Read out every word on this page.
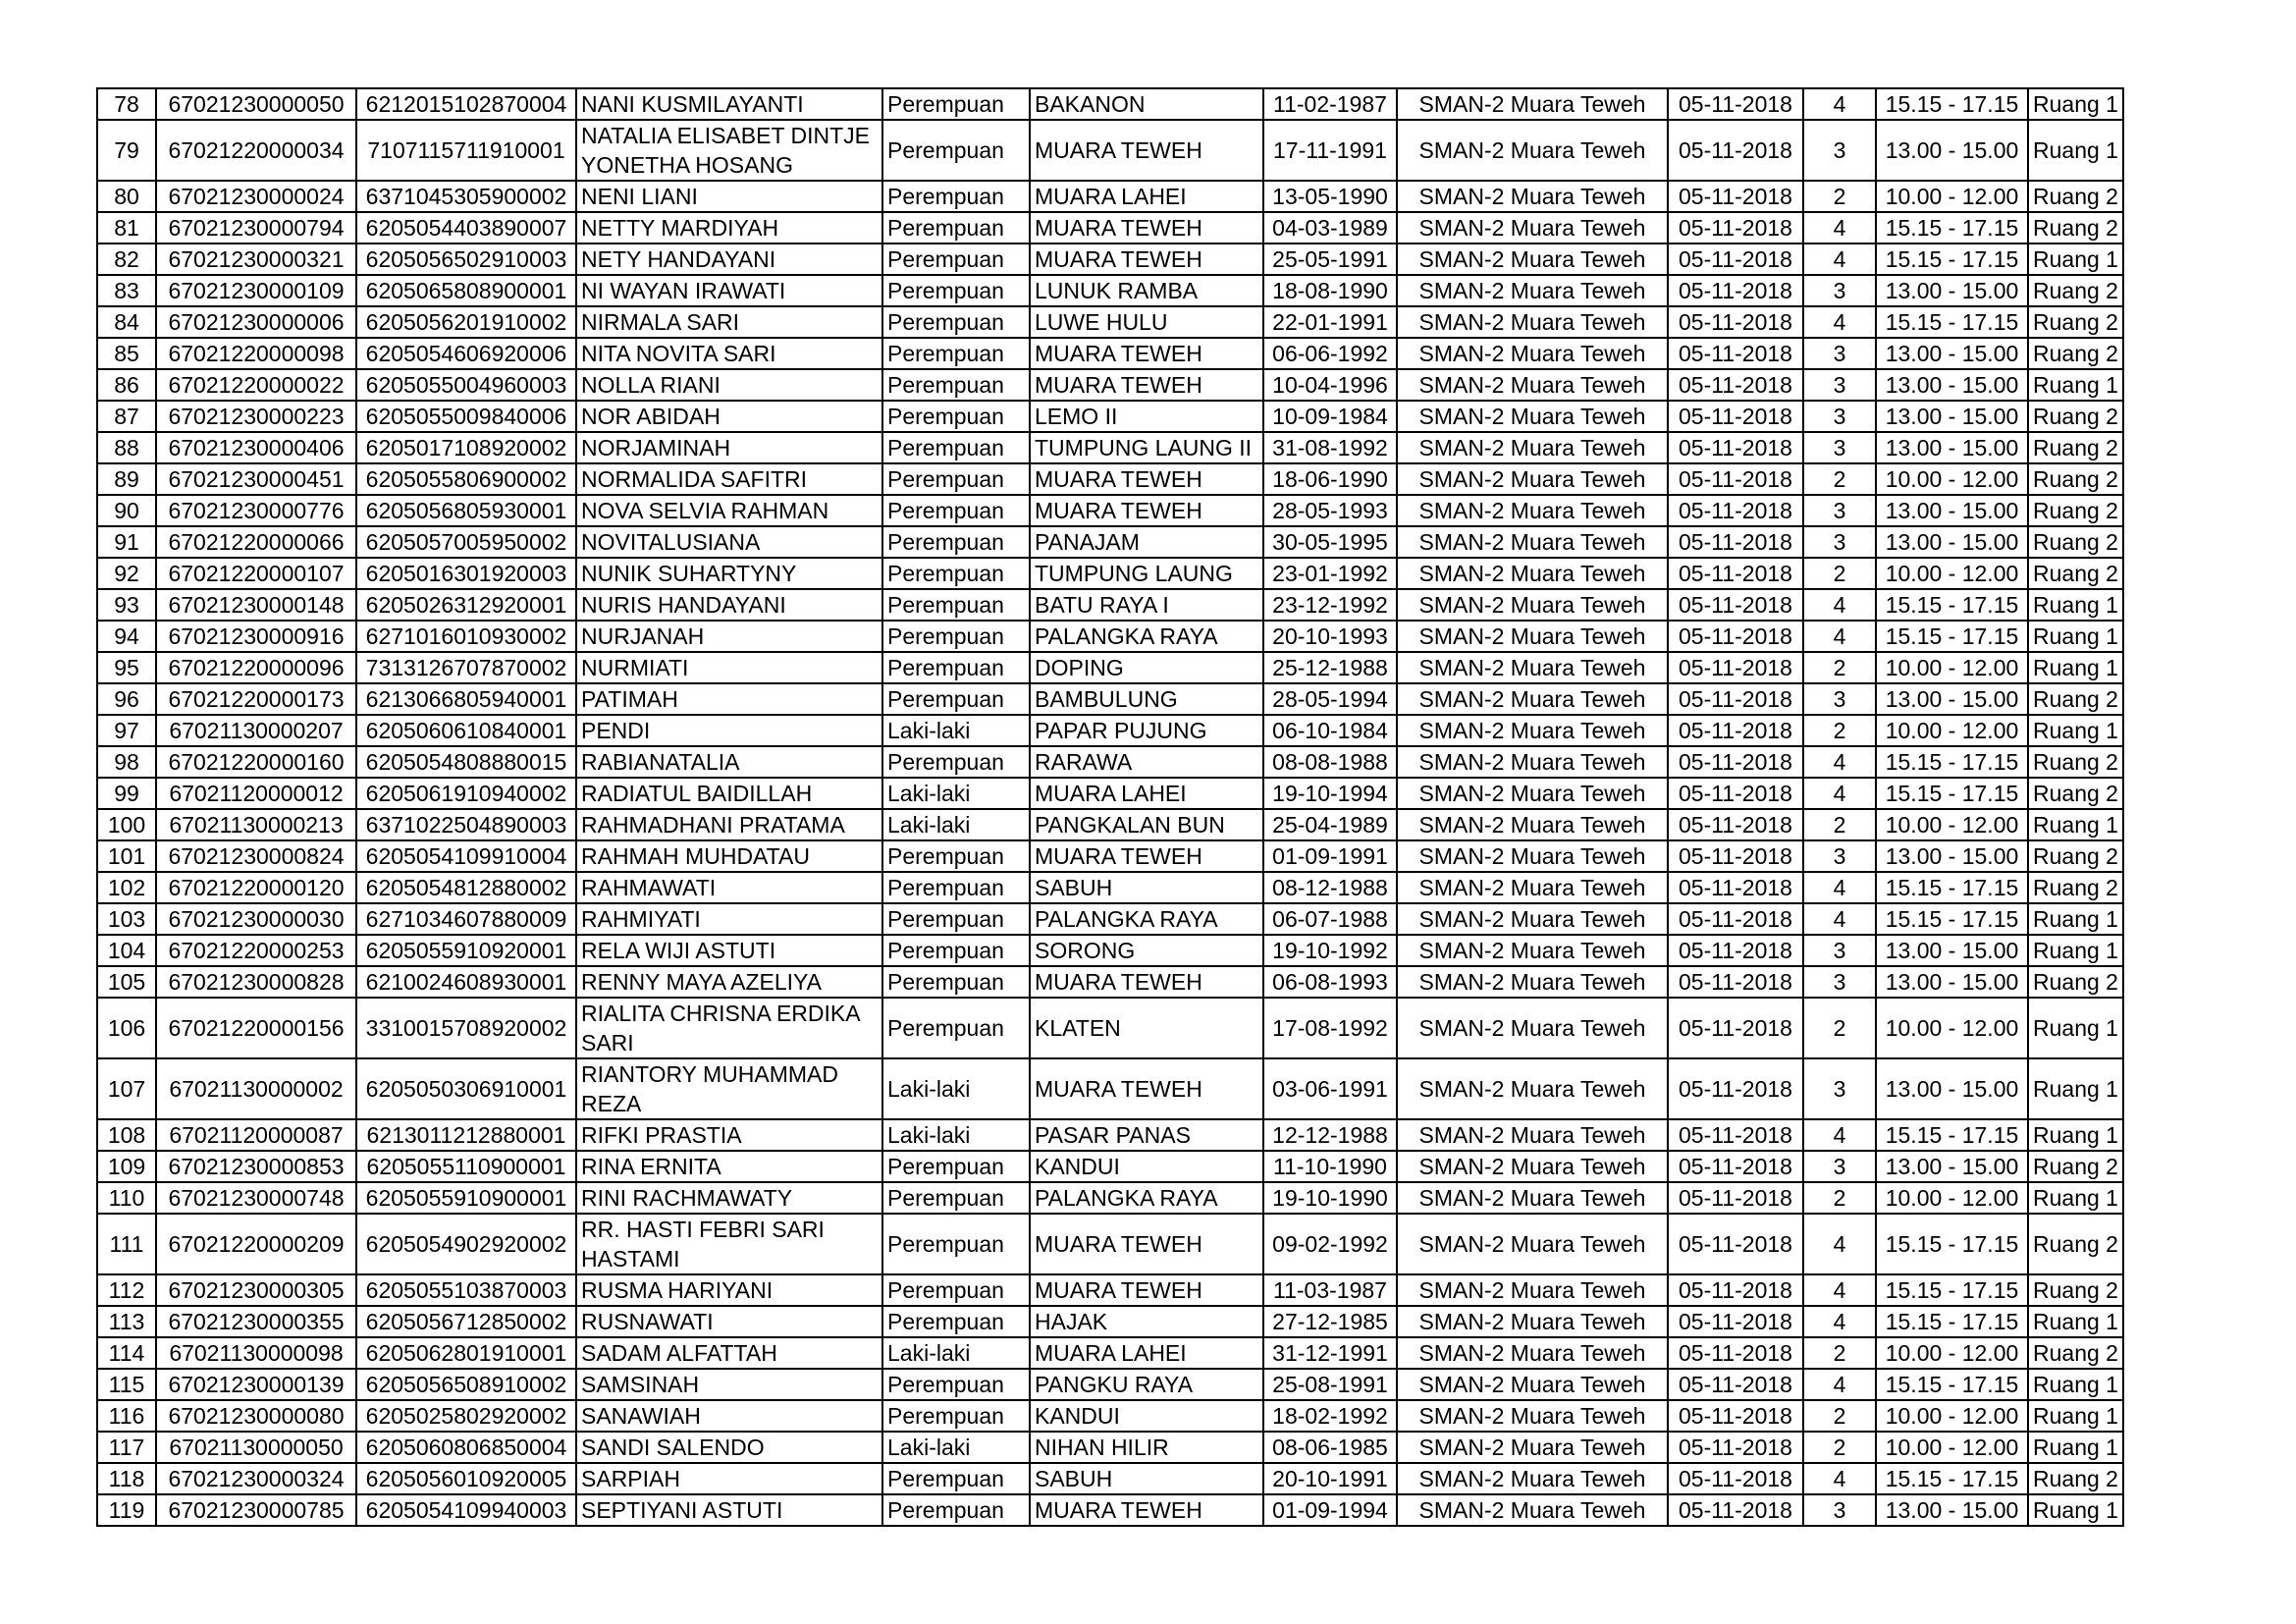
78	67021230000050	6212015102870004	NANI KUSMILAYANTI	Perempuan	BAKANON	11-02-1987	SMAN-2 Muara Teweh	05-11-2018	4	15.15 - 17.15	Ruang 1
79	67021220000034	7107115711910001	NATALIA ELISABET DINTJE YONETHA HOSANG	Perempuan	MUARA TEWEH	17-11-1991	SMAN-2 Muara Teweh	05-11-2018	3	13.00 - 15.00	Ruang 1
80	67021230000024	6371045305900002	NENI LIANI	Perempuan	MUARA LAHEI	13-05-1990	SMAN-2 Muara Teweh	05-11-2018	2	10.00 - 12.00	Ruang 2
81	67021230000794	6205054403890007	NETTY MARDIYAH	Perempuan	MUARA TEWEH	04-03-1989	SMAN-2 Muara Teweh	05-11-2018	4	15.15 - 17.15	Ruang 2
82	67021230000321	6205056502910003	NETY HANDAYANI	Perempuan	MUARA TEWEH	25-05-1991	SMAN-2 Muara Teweh	05-11-2018	4	15.15 - 17.15	Ruang 1
83	67021230000109	6205065808900001	NI WAYAN IRAWATI	Perempuan	LUNUK RAMBA	18-08-1990	SMAN-2 Muara Teweh	05-11-2018	3	13.00 - 15.00	Ruang 2
84	67021230000006	6205056201910002	NIRMALA SARI	Perempuan	LUWE HULU	22-01-1991	SMAN-2 Muara Teweh	05-11-2018	4	15.15 - 17.15	Ruang 2
85	67021220000098	6205054606920006	NITA NOVITA SARI	Perempuan	MUARA TEWEH	06-06-1992	SMAN-2 Muara Teweh	05-11-2018	3	13.00 - 15.00	Ruang 2
86	67021220000022	6205055004960003	NOLLA RIANI	Perempuan	MUARA TEWEH	10-04-1996	SMAN-2 Muara Teweh	05-11-2018	3	13.00 - 15.00	Ruang 1
87	67021230000223	6205055009840006	NOR ABIDAH	Perempuan	LEMO II	10-09-1984	SMAN-2 Muara Teweh	05-11-2018	3	13.00 - 15.00	Ruang 2
88	67021230000406	6205017108920002	NORJAMINAH	Perempuan	TUMPUNG LAUNG II	31-08-1992	SMAN-2 Muara Teweh	05-11-2018	3	13.00 - 15.00	Ruang 2
89	67021230000451	6205055806900002	NORMALIDA SAFITRI	Perempuan	MUARA TEWEH	18-06-1990	SMAN-2 Muara Teweh	05-11-2018	2	10.00 - 12.00	Ruang 2
90	67021230000776	6205056805930001	NOVA SELVIA RAHMAN	Perempuan	MUARA TEWEH	28-05-1993	SMAN-2 Muara Teweh	05-11-2018	3	13.00 - 15.00	Ruang 2
91	67021220000066	6205057005950002	NOVITALUSIANA	Perempuan	PANAJAM	30-05-1995	SMAN-2 Muara Teweh	05-11-2018	3	13.00 - 15.00	Ruang 2
92	67021220000107	6205016301920003	NUNIK SUHARTYNY	Perempuan	TUMPUNG LAUNG	23-01-1992	SMAN-2 Muara Teweh	05-11-2018	2	10.00 - 12.00	Ruang 2
93	67021230000148	6205026312920001	NURIS HANDAYANI	Perempuan	BATU RAYA I	23-12-1992	SMAN-2 Muara Teweh	05-11-2018	4	15.15 - 17.15	Ruang 1
94	67021230000916	6271016010930002	NURJANAH	Perempuan	PALANGKA RAYA	20-10-1993	SMAN-2 Muara Teweh	05-11-2018	4	15.15 - 17.15	Ruang 1
95	67021220000096	7313126707870002	NURMIATI	Perempuan	DOPING	25-12-1988	SMAN-2 Muara Teweh	05-11-2018	2	10.00 - 12.00	Ruang 1
96	67021220000173	6213066805940001	PATIMAH	Perempuan	BAMBULUNG	28-05-1994	SMAN-2 Muara Teweh	05-11-2018	3	13.00 - 15.00	Ruang 2
97	67021130000207	6205060610840001	PENDI	Laki-laki	PAPAR PUJUNG	06-10-1984	SMAN-2 Muara Teweh	05-11-2018	2	10.00 - 12.00	Ruang 1
98	67021220000160	6205054808880015	RABIANATALIA	Perempuan	RARAWA	08-08-1988	SMAN-2 Muara Teweh	05-11-2018	4	15.15 - 17.15	Ruang 2
99	67021120000012	6205061910940002	RADIATUL BAIDILLAH	Laki-laki	MUARA LAHEI	19-10-1994	SMAN-2 Muara Teweh	05-11-2018	4	15.15 - 17.15	Ruang 2
100	67021130000213	6371022504890003	RAHMADHANI PRATAMA	Laki-laki	PANGKALAN BUN	25-04-1989	SMAN-2 Muara Teweh	05-11-2018	2	10.00 - 12.00	Ruang 1
101	67021230000824	6205054109910004	RAHMAH MUHDATAU	Perempuan	MUARA TEWEH	01-09-1991	SMAN-2 Muara Teweh	05-11-2018	3	13.00 - 15.00	Ruang 2
102	67021220000120	6205054812880002	RAHMAWATI	Perempuan	SABUH	08-12-1988	SMAN-2 Muara Teweh	05-11-2018	4	15.15 - 17.15	Ruang 2
103	67021230000030	6271034607880009	RAHMIYATI	Perempuan	PALANGKA RAYA	06-07-1988	SMAN-2 Muara Teweh	05-11-2018	4	15.15 - 17.15	Ruang 1
104	67021220000253	6205055910920001	RELA WIJI ASTUTI	Perempuan	SORONG	19-10-1992	SMAN-2 Muara Teweh	05-11-2018	3	13.00 - 15.00	Ruang 1
105	67021230000828	6210024608930001	RENNY MAYA AZELIYA	Perempuan	MUARA TEWEH	06-08-1993	SMAN-2 Muara Teweh	05-11-2018	3	13.00 - 15.00	Ruang 2
106	67021220000156	3310015708920002	RIALITA CHRISNA ERDIKA SARI	Perempuan	KLATEN	17-08-1992	SMAN-2 Muara Teweh	05-11-2018	2	10.00 - 12.00	Ruang 1
107	67021130000002	6205050306910001	RIANTORY MUHAMMAD REZA	Laki-laki	MUARA TEWEH	03-06-1991	SMAN-2 Muara Teweh	05-11-2018	3	13.00 - 15.00	Ruang 1
108	67021120000087	6213011212880001	RIFKI PRASTIA	Laki-laki	PASAR PANAS	12-12-1988	SMAN-2 Muara Teweh	05-11-2018	4	15.15 - 17.15	Ruang 1
109	67021230000853	6205055110900001	RINA ERNITA	Perempuan	KANDUI	11-10-1990	SMAN-2 Muara Teweh	05-11-2018	3	13.00 - 15.00	Ruang 2
110	67021230000748	6205055910900001	RINI RACHMAWATY	Perempuan	PALANGKA RAYA	19-10-1990	SMAN-2 Muara Teweh	05-11-2018	2	10.00 - 12.00	Ruang 1
111	67021220000209	6205054902920002	RR. HASTI FEBRI SARI HASTAMI	Perempuan	MUARA TEWEH	09-02-1992	SMAN-2 Muara Teweh	05-11-2018	4	15.15 - 17.15	Ruang 2
112	67021230000305	6205055103870003	RUSMA HARIYANI	Perempuan	MUARA TEWEH	11-03-1987	SMAN-2 Muara Teweh	05-11-2018	4	15.15 - 17.15	Ruang 2
113	67021230000355	6205056712850002	RUSNAWATI	Perempuan	HAJAK	27-12-1985	SMAN-2 Muara Teweh	05-11-2018	4	15.15 - 17.15	Ruang 1
114	67021130000098	6205062801910001	SADAM ALFATTAH	Laki-laki	MUARA LAHEI	31-12-1991	SMAN-2 Muara Teweh	05-11-2018	2	10.00 - 12.00	Ruang 2
115	67021230000139	6205056508910002	SAMSINAH	Perempuan	PANGKU RAYA	25-08-1991	SMAN-2 Muara Teweh	05-11-2018	4	15.15 - 17.15	Ruang 1
116	67021230000080	6205025802920002	SANAWIAH	Perempuan	KANDUI	18-02-1992	SMAN-2 Muara Teweh	05-11-2018	2	10.00 - 12.00	Ruang 1
117	67021130000050	6205060806850004	SANDI SALENDO	Laki-laki	NIHAN HILIR	08-06-1985	SMAN-2 Muara Teweh	05-11-2018	2	10.00 - 12.00	Ruang 1
118	67021230000324	6205056010920005	SARPIAH	Perempuan	SABUH	20-10-1991	SMAN-2 Muara Teweh	05-11-2018	4	15.15 - 17.15	Ruang 2
119	67021230000785	6205054109940003	SEPTIYANI ASTUTI	Perempuan	MUARA TEWEH	01-09-1994	SMAN-2 Muara Teweh	05-11-2018	3	13.00 - 15.00	Ruang 1
